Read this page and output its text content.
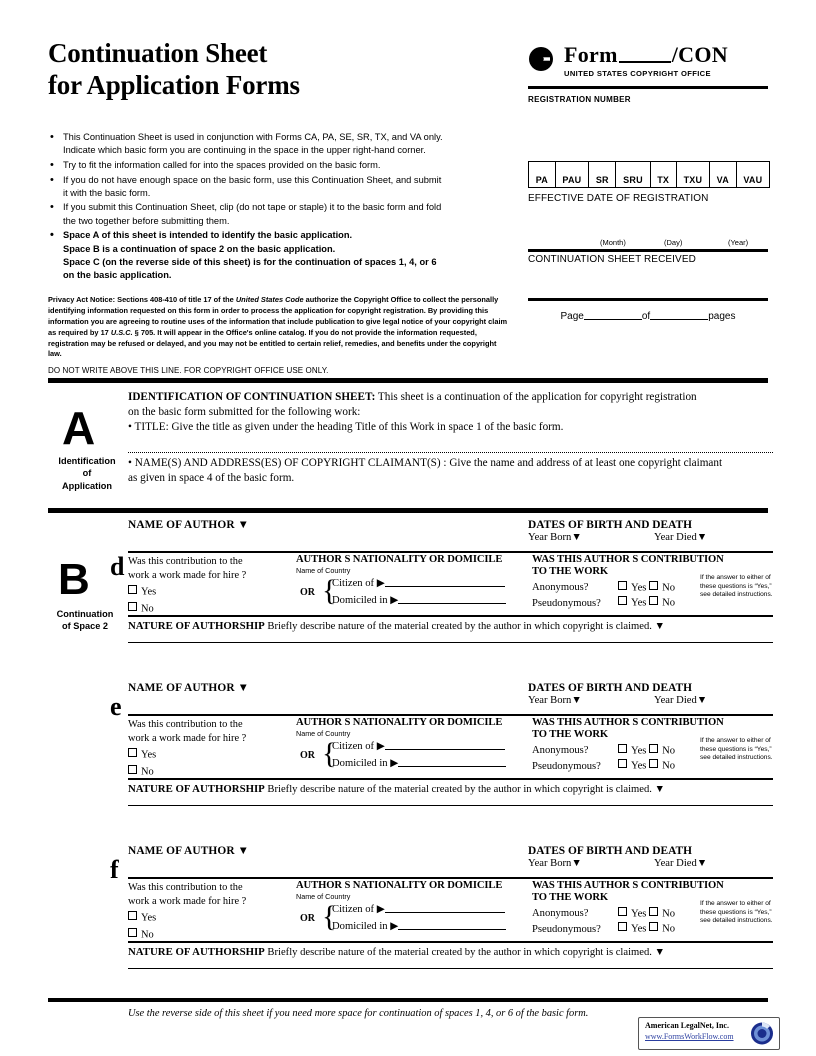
Continuation Sheet
for Application Forms
• This Continuation Sheet is used in conjunction with Forms CA, PA, SE, SR, TX, and VA only.
Indicate which basic form you are continuing in the space in the upper right-hand corner.
• Try to fit the information called for into the spaces provided on the basic form.
• If you do not have enough space on the basic form, use this Continuation Sheet, and submit
it with the basic form.
• If you submit this Continuation Sheet, clip (do not tape or staple) it to the basic form and fold
the two together before submitting them.
• Space A of this sheet is intended to identify the basic application.
Space B is a continuation of space 2 on the basic application.
Space C (on the reverse side of this sheet) is for the continuation of spaces 1, 4, or 6
on the basic application.
Privacy Act Notice: Sections 408-410 of title 17 of the United States Code authorize the Copyright Office to collect the personally identifying information requested on this form in order to process the application for copyright registration. By providing this information you are agreeing to routine uses of the information that include publication to give legal notice of your copyright claim as required by 17 U.S.C. § 705. It will appear in the Office's online catalog. If you do not provide the information requested, registration may be refused or delayed, and you may not be entitled to certain relief, remedies, and benefits under the copyright law.
DO NOT WRITE ABOVE THIS LINE. FOR COPYRIGHT OFFICE USE ONLY.
Form /CON
UNITED STATES COPYRIGHT OFFICE
REGISTRATION NUMBER
PA	PAU	SR	SRU	TX	TXU	VA	VAU
EFFECTIVE DATE OF REGISTRATION
(Month)	(Day)	(Year)
CONTINUATION SHEET RECEIVED
Page	of	pages
A
Identification
of
Application
IDENTIFICATION OF CONTINUATION SHEET: This sheet is a continuation of the application for copyright registration
on the basic form submitted for the following work:
• TITLE: Give the title as given under the heading Title of this Work in space 1 of the basic form.
• NAME(S) AND ADDRESS(ES) OF COPYRIGHT CLAIMANT(S) : Give the name and address of at least one copyright claimant
as given in space 4 of the basic form.
B
Continuation
of Space 2
NAME OF AUTHOR ▼	DATES OF BIRTH AND DEATH
Year Born▼	Year Died▼
Was this contribution to the
work a work made for hire ?
Yes
No
AUTHOR S NATIONALITY OR DOMICILE
Name of Country
OR {
Citizen of ▶
Domiciled in ▶
WAS THIS AUTHOR S CONTRIBUTION
TO THE WORK
Anonymous?	Yes No
Pseudonymous?	Yes No
If the answer to either of these questions is “Yes,” see detailed instructions.
NATURE OF AUTHORSHIP Briefly describe nature of the material created by the author in which copyright is claimed. ▼
NAME OF AUTHOR ▼	DATES OF BIRTH AND DEATH
Year Born▼	Year Died▼
Was this contribution to the
work a work made for hire ?
Yes
No
AUTHOR S NATIONALITY OR DOMICILE
Name of Country
OR {
Citizen of ▶
Domiciled in ▶
WAS THIS AUTHOR S CONTRIBUTION
TO THE WORK
Anonymous?	Yes No
Pseudonymous?	Yes No
If the answer to either of these questions is “Yes,” see detailed instructions.
NATURE OF AUTHORSHIP Briefly describe nature of the material created by the author in which copyright is claimed. ▼
NAME OF AUTHOR ▼	DATES OF BIRTH AND DEATH
Year Born▼	Year Died▼
Was this contribution to the
work a work made for hire ?
Yes
No
AUTHOR S NATIONALITY OR DOMICILE
Name of Country
OR {
Citizen of ▶
Domiciled in ▶
WAS THIS AUTHOR S CONTRIBUTION
TO THE WORK
Anonymous?	Yes No
Pseudonymous?	Yes No
If the answer to either of these questions is “Yes,” see detailed instructions.
NATURE OF AUTHORSHIP Briefly describe nature of the material created by the author in which copyright is claimed. ▼
Use the reverse side of this sheet if you need more space for continuation of spaces 1, 4, or 6 of the basic form.
American LegalNet, Inc.
www.FormsWorkFlow.com
d
e
f
